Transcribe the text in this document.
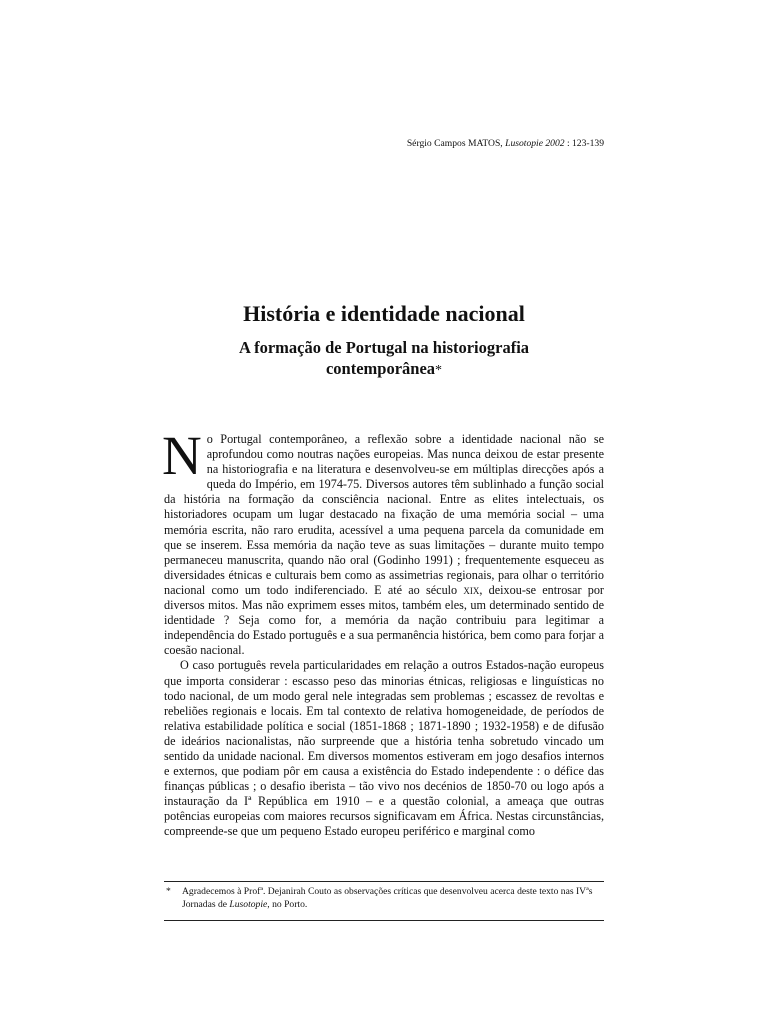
Sérgio Campos MATOS, Lusotopie 2002 : 123-139
História e identidade nacional
A formação de Portugal na historiografia contemporânea*

No Portugal contemporâneo, a reflexão sobre a identidade nacional não se aprofundou como noutras nações europeias. Mas nunca deixou de estar presente na historiografia e na literatura e desenvolveu-se em múltiplas direcções após a queda do Império, em 1974-75. Diversos autores têm sublinhado a função social da história na formação da consciência nacional. Entre as elites intelectuais, os historiadores ocupam um lugar destacado na fixação de uma memória social – uma memória escrita, não raro erudita, acessível a uma pequena parcela da comunidade em que se inserem. Essa memória da nação teve as suas limitações – durante muito tempo permaneceu manuscrita, quando não oral (Godinho 1991) ; frequentemente esqueceu as diversidades étnicas e culturais bem como as assimetrias regionais, para olhar o território nacional como um todo indiferenciado. E até ao século xix, deixou-se entrosar por diversos mitos. Mas não exprimem esses mitos, também eles, um determinado sentido de identidade ? Seja como for, a memória da nação contribuiu para legitimar a independência do Estado português e a sua permanência histórica, bem como para forjar a coesão nacional.

O caso português revela particularidades em relação a outros Estados-nação europeus que importa considerar : escasso peso das minorias étnicas, religiosas e linguísticas no todo nacional, de um modo geral nele integradas sem problemas ; escassez de revoltas e rebeliões regionais e locais. Em tal contexto de relativa homogeneidade, de períodos de relativa estabilidade política e social (1851-1868 ; 1871-1890 ; 1932-1958) e de difusão de ideários nacionalistas, não surpreende que a história tenha sobretudo vincado um sentido da unidade nacional. Em diversos momentos estiveram em jogo desafios internos e externos, que podiam pôr em causa a existência do Estado independente : o défice das finanças públicas ; o desafio iberista – tão vivo nos decénios de 1850-70 ou logo após a instauração da Iª República em 1910 – e a questão colonial, a ameaça que outras potências europeias com maiores recursos significavam em África. Nestas circunstâncias, compreende-se que um pequeno Estado europeu periférico e marginal como

* Agradecemos à Profª. Dejanirah Couto as observações críticas que desenvolveu acerca deste texto nas IVªs Jornadas de Lusotopie, no Porto.
